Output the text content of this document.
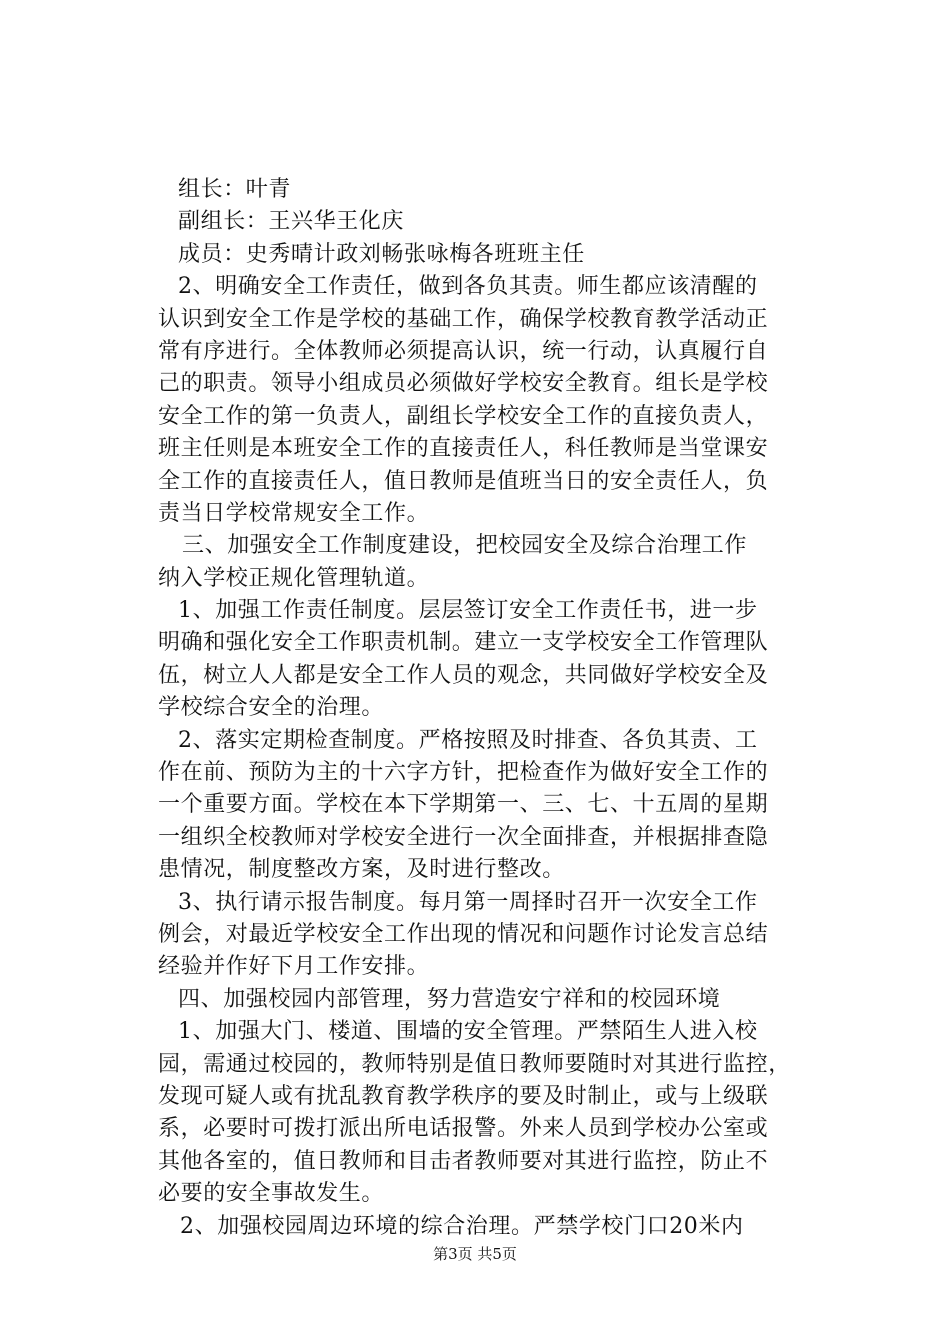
组长：叶青
副组长：王兴华王化庆
成员：史秀晴计政刘畅张咏梅各班班主任
2、明确安全工作责任，做到各负其责。师生都应该清醒的
认识到安全工作是学校的基础工作，确保学校教育教学活动正
常有序进行。全体教师必须提高认识，统一行动，认真履行自
己的职责。领导小组成员必须做好学校安全教育。组长是学校
安全工作的第一负责人，副组长学校安全工作的直接负责人，
班主任则是本班安全工作的直接责任人，科任教师是当堂课安
全工作的直接责任人，值日教师是值班当日的安全责任人，负
责当日学校常规安全工作。
三、加强安全工作制度建设，把校园安全及综合治理工作
纳入学校正规化管理轨道。
1、加强工作责任制度。层层签订安全工作责任书，进一步
明确和强化安全工作职责机制。建立一支学校安全工作管理队
伍，树立人人都是安全工作人员的观念，共同做好学校安全及
学校综合安全的治理。
2、落实定期检查制度。严格按照及时排查、各负其责、工
作在前、预防为主的十六字方针，把检查作为做好安全工作的
一个重要方面。学校在本下学期第一、三、七、十五周的星期
一组织全校教师对学校安全进行一次全面排查，并根据排查隐
患情况，制度整改方案，及时进行整改。
3、执行请示报告制度。每月第一周择时召开一次安全工作
例会，对最近学校安全工作出现的情况和问题作讨论发言总结
经验并作好下月工作安排。
四、加强校园内部管理，努力营造安宁祥和的校园环境
1、加强大门、楼道、围墙的安全管理。严禁陌生人进入校
园，需通过校园的，教师特别是值日教师要随时对其进行监控，
发现可疑人或有扰乱教育教学秩序的要及时制止，或与上级联
系，必要时可拨打派出所电话报警。外来人员到学校办公室或
其他各室的，值日教师和目击者教师要对其进行监控，防止不
必要的安全事故发生。
2、加强校园周边环境的综合治理。严禁学校门口20米内
第3页 共5页
